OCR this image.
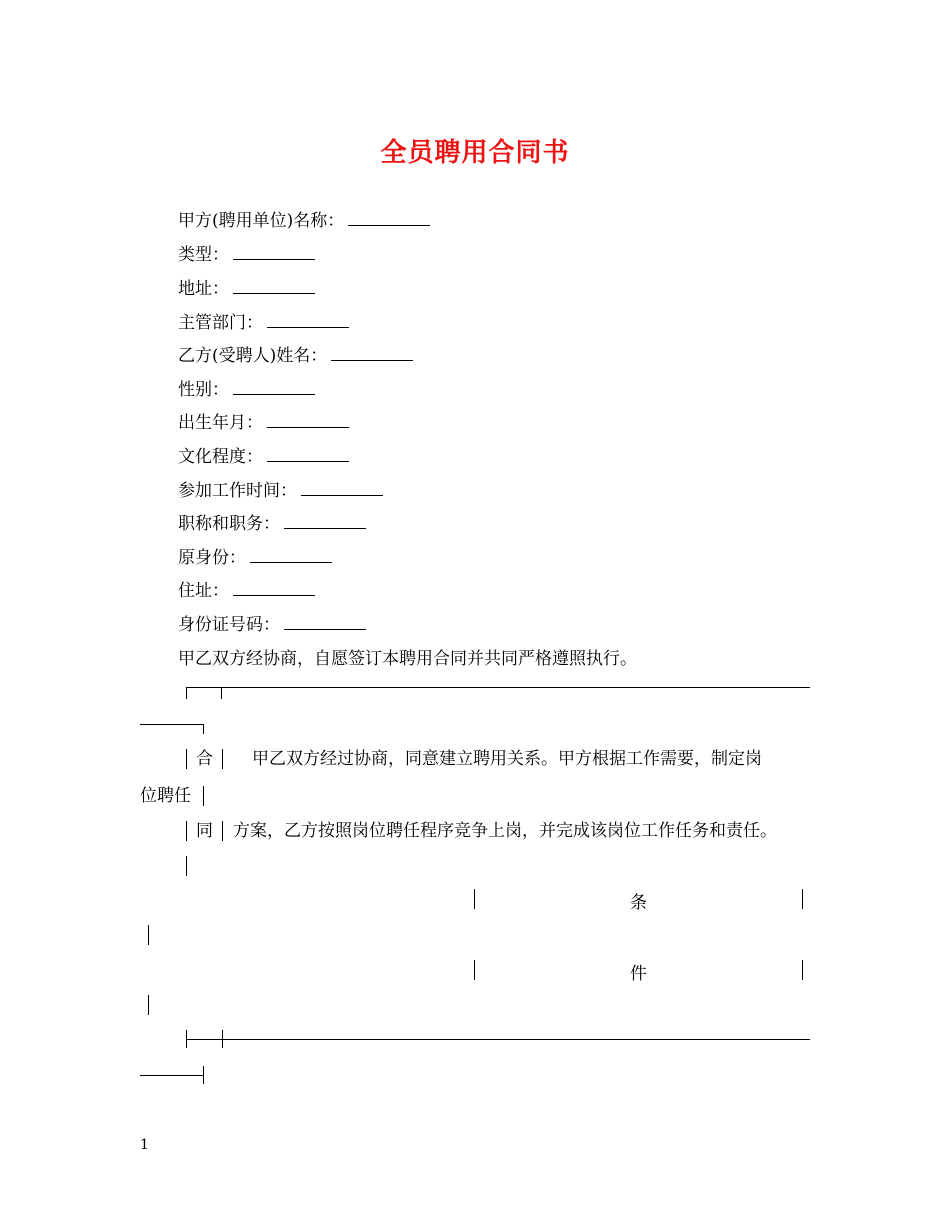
全员聘用合同书
甲方(聘用单位)名称：
类型：
地址：
主管部门：
乙方(受聘人)姓名：
性别：
出生年月：
文化程度：
参加工作时间：
职称和职务：
原身份：
住址：
身份证号码：
甲乙双方经协商，自愿签订本聘用合同并共同严格遵照执行。
合 甲乙双方经过协商，同意建立聘用关系。甲方根据工作需要，制定岗
位聘任
同 方案，乙方按照岗位聘任程序竞争上岗，并完成该岗位工作任务和责任。
条
件
1
